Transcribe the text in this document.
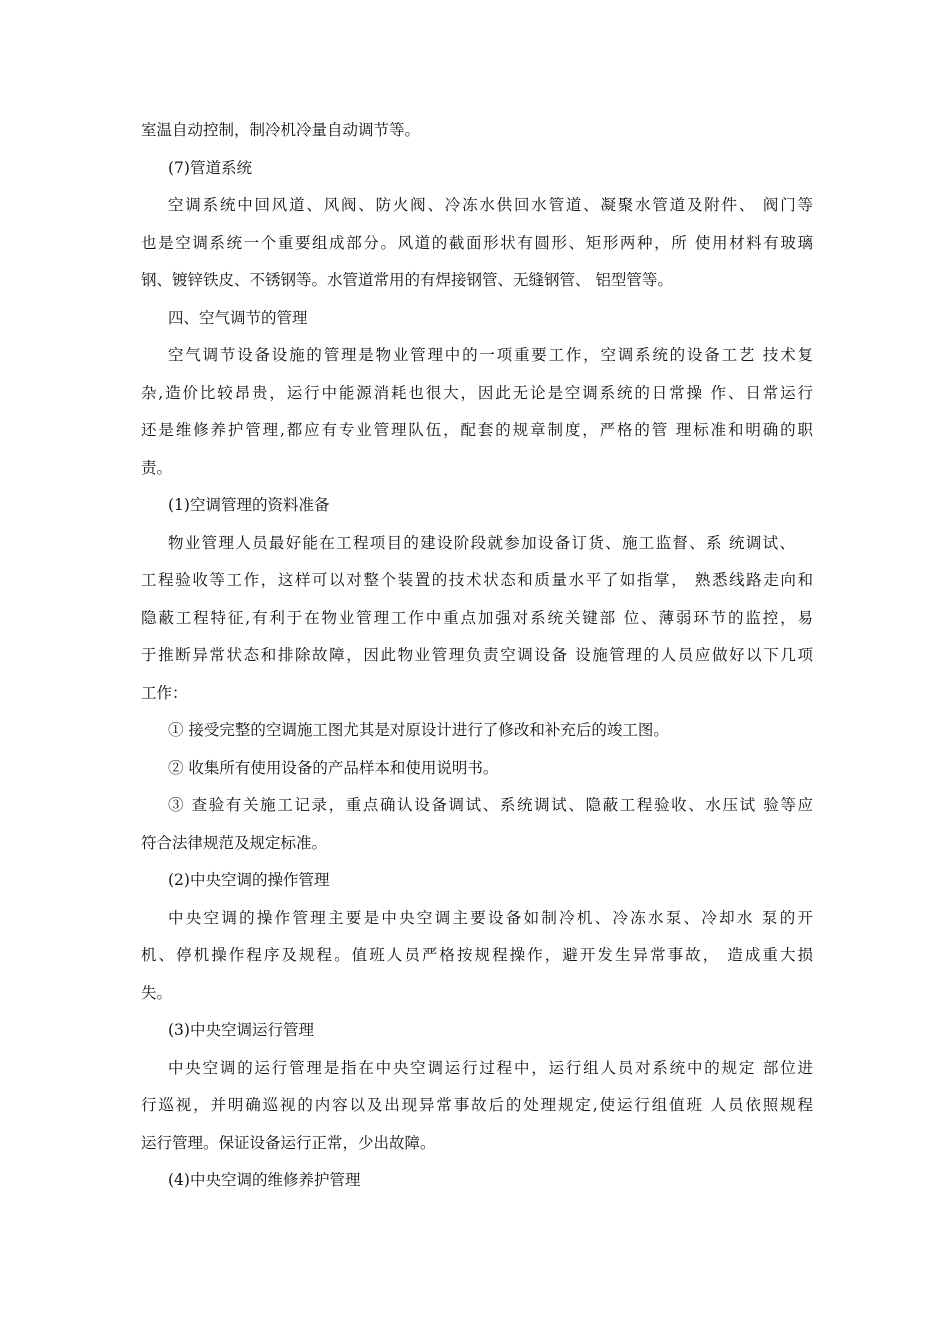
室温自动控制，制冷机冷量自动调节等。
(7)管道系统
空调系统中回风道、风阀、防火阀、冷冻水供回水管道、凝聚水管道及附件、 阀门等
也是空调系统一个重要组成部分。风道的截面形状有圆形、矩形两种，所 使用材料有玻璃
钢、镀锌铁皮、不锈钢等。水管道常用的有焊接钢管、无缝钢管、 铝型管等。
四、空气调节的管理
空气调节设备设施的管理是物业管理中的一项重要工作，空调系统的设备工艺 技术复
杂,造价比较昂贵，运行中能源消耗也很大，因此无论是空调系统的日常操 作、日常运行
还是维修养护管理,都应有专业管理队伍，配套的规章制度，严格的管 理标准和明确的职
责。
(1)空调管理的资料准备
物业管理人员最好能在工程项目的建设阶段就参加设备订货、施工监督、系 统调试、
工程验收等工作，这样可以对整个装置的技术状态和质量水平了如指掌， 熟悉线路走向和
隐蔽工程特征,有利于在物业管理工作中重点加强对系统关键部 位、薄弱环节的监控，易
于推断异常状态和排除故障，因此物业管理负责空调设备 设施管理的人员应做好以下几项
工作：
① 接受完整的空调施工图尤其是对原设计进行了修改和补充后的竣工图。
② 收集所有使用设备的产品样本和使用说明书。
③ 查验有关施工记录，重点确认设备调试、系统调试、隐蔽工程验收、水压试 验等应
符合法律规范及规定标准。
(2)中央空调的操作管理
中央空调的操作管理主要是中央空调主要设备如制冷机、冷冻水泵、冷却水 泵的开
机、停机操作程序及规程。值班人员严格按规程操作，避开发生异常事故， 造成重大损
失。
(3)中央空调运行管理
中央空调的运行管理是指在中央空调运行过程中，运行组人员对系统中的规定 部位进
行巡视，并明确巡视的内容以及出现异常事故后的处理规定,使运行组值班 人员依照规程
运行管理。保证设备运行正常，少出故障。
(4)中央空调的维修养护管理
